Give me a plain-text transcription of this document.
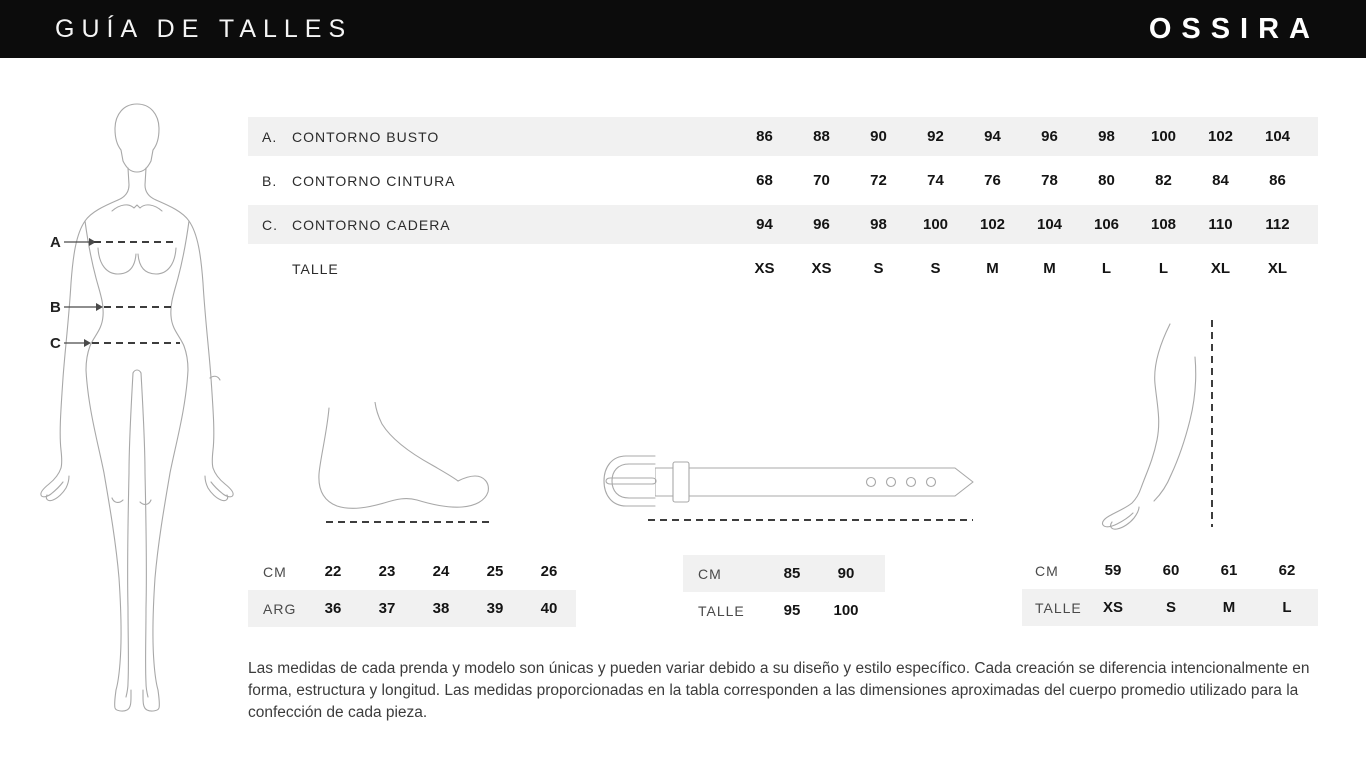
GUÍA DE TALLES	OSSIRA
A
B
C
A.	CONTORNO BUSTO	86	88	90	92	94	96	98	100	102	104
B.	CONTORNO CINTURA	68	70	72	74	76	78	80	82	84	86
C.	CONTORNO CADERA	94	96	98	100	102	104	106	108	110	112
TALLE	XS	XS	S	S	M	M	L	L	XL	XL
CM	22	23	24	25	26
ARG	36	37	38	39	40
CM	85	90
TALLE	95	100
CM	59	60	61	62
TALLE	XS	S	M	L
Las medidas de cada prenda y modelo son únicas y pueden variar debido a su diseño y estilo específico. Cada creación se diferencia intencionalmente en forma, estructura y longitud. Las medidas proporcionadas en la tabla corresponden a las dimensiones aproximadas del cuerpo promedio utilizado para la confección de cada pieza.
